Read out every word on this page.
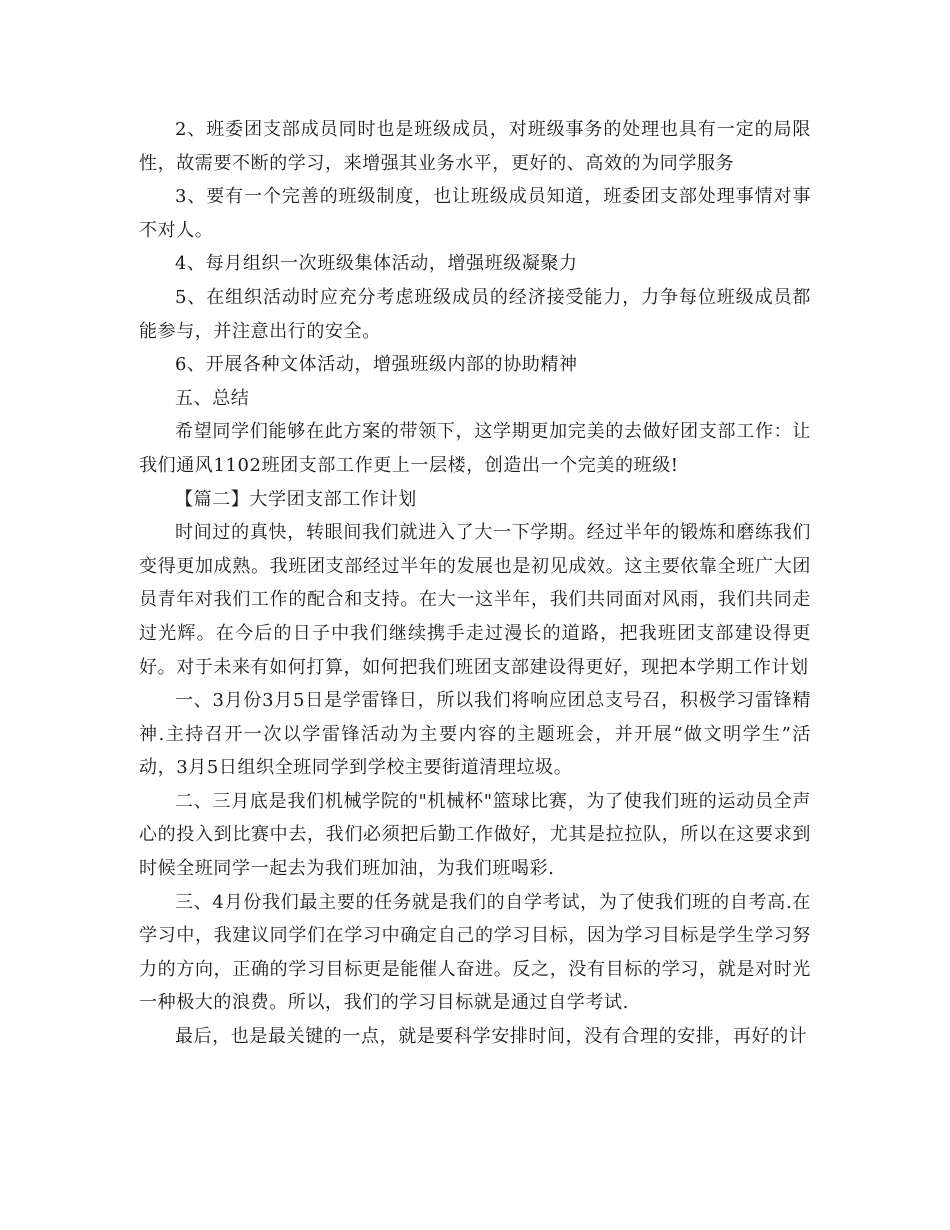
2、班委团支部成员同时也是班级成员，对班级事务的处理也具有一定的局限性，故需要不断的学习，来增强其业务水平，更好的、高效的为同学服务

3、要有一个完善的班级制度，也让班级成员知道，班委团支部处理事情对事不对人。

4、每月组织一次班级集体活动，增强班级凝聚力

5、在组织活动时应充分考虑班级成员的经济接受能力，力争每位班级成员都能参与，并注意出行的安全。

6、开展各种文体活动，增强班级内部的协助精神

五、总结

希望同学们能够在此方案的带领下，这学期更加完美的去做好团支部工作：让我们通风1102班团支部工作更上一层楼，创造出一个完美的班级!

【篇二】大学团支部工作计划

时间过的真快，转眼间我们就进入了大一下学期。经过半年的锻炼和磨练我们变得更加成熟。我班团支部经过半年的发展也是初见成效。这主要依靠全班广大团员青年对我们工作的配合和支持。在大一这半年，我们共同面对风雨，我们共同走过光辉。在今后的日子中我们继续携手走过漫长的道路，把我班团支部建设得更好。对于未来有如何打算，如何把我们班团支部建设得更好，现把本学期工作计划

一、3月份3月5日是学雷锋日，所以我们将响应团总支号召，积极学习雷锋精神.主持召开一次以学雷锋活动为主要内容的主题班会，并开展“做文明学生”活动，3月5日组织全班同学到学校主要街道清理垃圾。

二、三月底是我们机械学院的"机械杯"篮球比赛，为了使我们班的运动员全声心的投入到比赛中去，我们必须把后勤工作做好，尤其是拉拉队，所以在这要求到时候全班同学一起去为我们班加油，为我们班喝彩.

三、4月份我们最主要的任务就是我们的自学考试，为了使我们班的自考高.在学习中，我建议同学们在学习中确定自己的学习目标，因为学习目标是学生学习努力的方向，正确的学习目标更是能催人奋进。反之，没有目标的学习，就是对时光一种极大的浪费。所以，我们的学习目标就是通过自学考试.

最后，也是最关键的一点，就是要科学安排时间，没有合理的安排，再好的计
